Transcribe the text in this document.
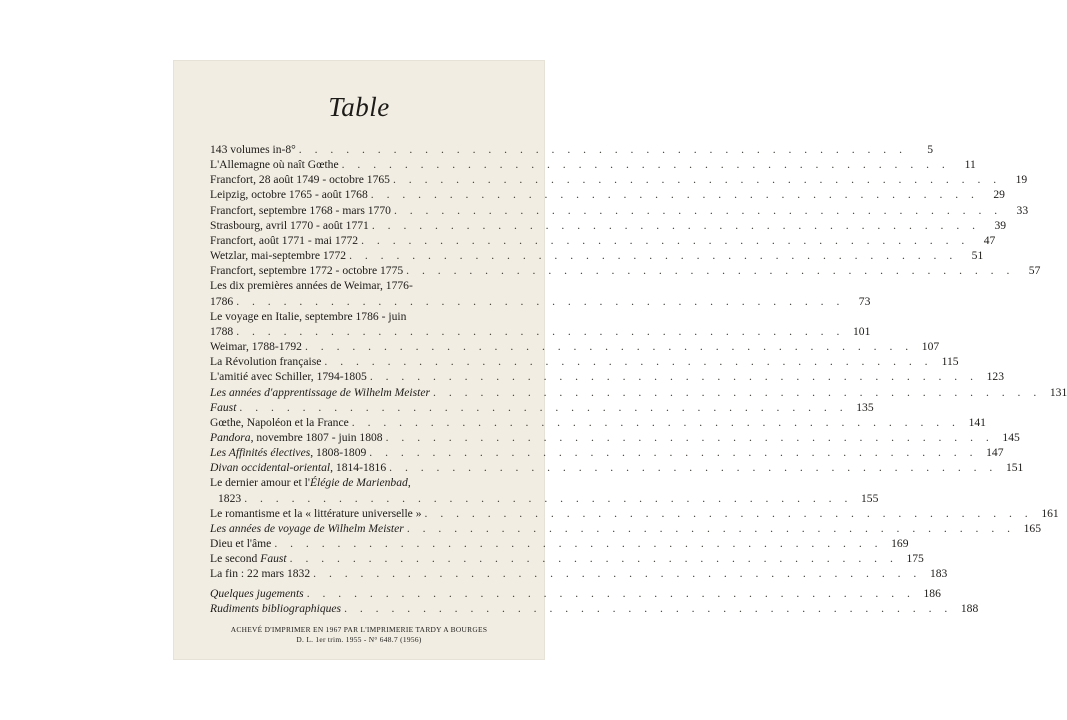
Table
143 volumes in-8° . . . . . . . . . . . . . . . . . . . . . . . . . . . . . . . . . . . . . . .	5
L'Allemagne où naît Gœthe . . . . . . . . . . . . . . . . . . . . . . . . . . . . . . . . . . . . . . .	11
Francfort, 28 août 1749 - octobre 1765 . . . . . . . . . . . . . . . . . . . . . . . . . . . . . . . . . . . . . . .	19
Leipzig, octobre 1765 - août 1768 . . . . . . . . . . . . . . . . . . . . . . . . . . . . . . . . . . . . . . .	29
Francfort, septembre 1768 - mars 1770 . . . . . . . . . . . . . . . . . . . . . . . . . . . . . . . . . . . . . . .	33
Strasbourg, avril 1770 - août 1771 . . . . . . . . . . . . . . . . . . . . . . . . . . . . . . . . . . . . . . .	39
Francfort, août 1771 - mai 1772 . . . . . . . . . . . . . . . . . . . . . . . . . . . . . . . . . . . . . . .	47
Wetzlar, mai-septembre 1772 . . . . . . . . . . . . . . . . . . . . . . . . . . . . . . . . . . . . . . .	51
Francfort, septembre 1772 - octobre 1775 . . . . . . . . . . . . . . . . . . . . . . . . . . . . . . . . . . . . . . .	57
Les dix premières années de Weimar, 1776-
1786 . . . . . . . . . . . . . . . . . . . . . . . . . . . . . . . . . . . . . . .	73
Le voyage en Italie, septembre 1786 - juin
1788 . . . . . . . . . . . . . . . . . . . . . . . . . . . . . . . . . . . . . . . 101
Weimar, 1788-1792 . . . . . . . . . . . . . . . . . . . . . . . . . . . . . . . . . . . . . . . 107
La Révolution française . . . . . . . . . . . . . . . . . . . . . . . . . . . . . . . . . . . . . . . 115
L'amitié avec Schiller, 1794-1805 . . . . . . . . . . . . . . . . . . . . . . . . . . . . . . . . . . . . . . . 123
Les années d'apprentissage de Wilhelm Meister . . . . . . . . . . . . . . . . . . . . . . . . . . . . . . . . . . . . . . . 131
Faust . . . . . . . . . . . . . . . . . . . . . . . . . . . . . . . . . . . . . . . 135
Gœthe, Napoléon et la France . . . . . . . . . . . . . . . . . . . . . . . . . . . . . . . . . . . . . . . 141
Pandora, novembre 1807 - juin 1808 . . . . . . . . . . . . . . . . . . . . . . . . . . . . . . . . . . . . . . . 145
Les Affinités électives, 1808-1809 . . . . . . . . . . . . . . . . . . . . . . . . . . . . . . . . . . . . . . . 147
Divan occidental-oriental, 1814-1816 . . . . . . . . . . . . . . . . . . . . . . . . . . . . . . . . . . . . . . . 151
Le dernier amour et l'Élégie de Marienbad,
1823 . . . . . . . . . . . . . . . . . . . . . . . . . . . . . . . . . . . . . . . 155
Le romantisme et la « littérature universelle » . . . . . . . . . . . . . . . . . . . . . . . . . . . . . . . . . . . . . . . 161
Les années de voyage de Wilhelm Meister . . . . . . . . . . . . . . . . . . . . . . . . . . . . . . . . . . . . . . . 165
Dieu et l'âme . . . . . . . . . . . . . . . . . . . . . . . . . . . . . . . . . . . . . . . 169
Le second Faust . . . . . . . . . . . . . . . . . . . . . . . . . . . . . . . . . . . . . . . 175
La fin : 22 mars 1832 . . . . . . . . . . . . . . . . . . . . . . . . . . . . . . . . . . . . . . . 183
Quelques jugements . . . . . . . . . . . . . . . . . . . . . . . . . . . . . . . . . . . . . . . 186
Rudiments bibliographiques . . . . . . . . . . . . . . . . . . . . . . . . . . . . . . . . . . . . . . . 188
ACHEVÉ D'IMPRIMER EN 1967 PAR L'IMPRIMERIE TARDY A BOURGES
D. L. 1er trim. 1955 - N° 648.7 (1956)
